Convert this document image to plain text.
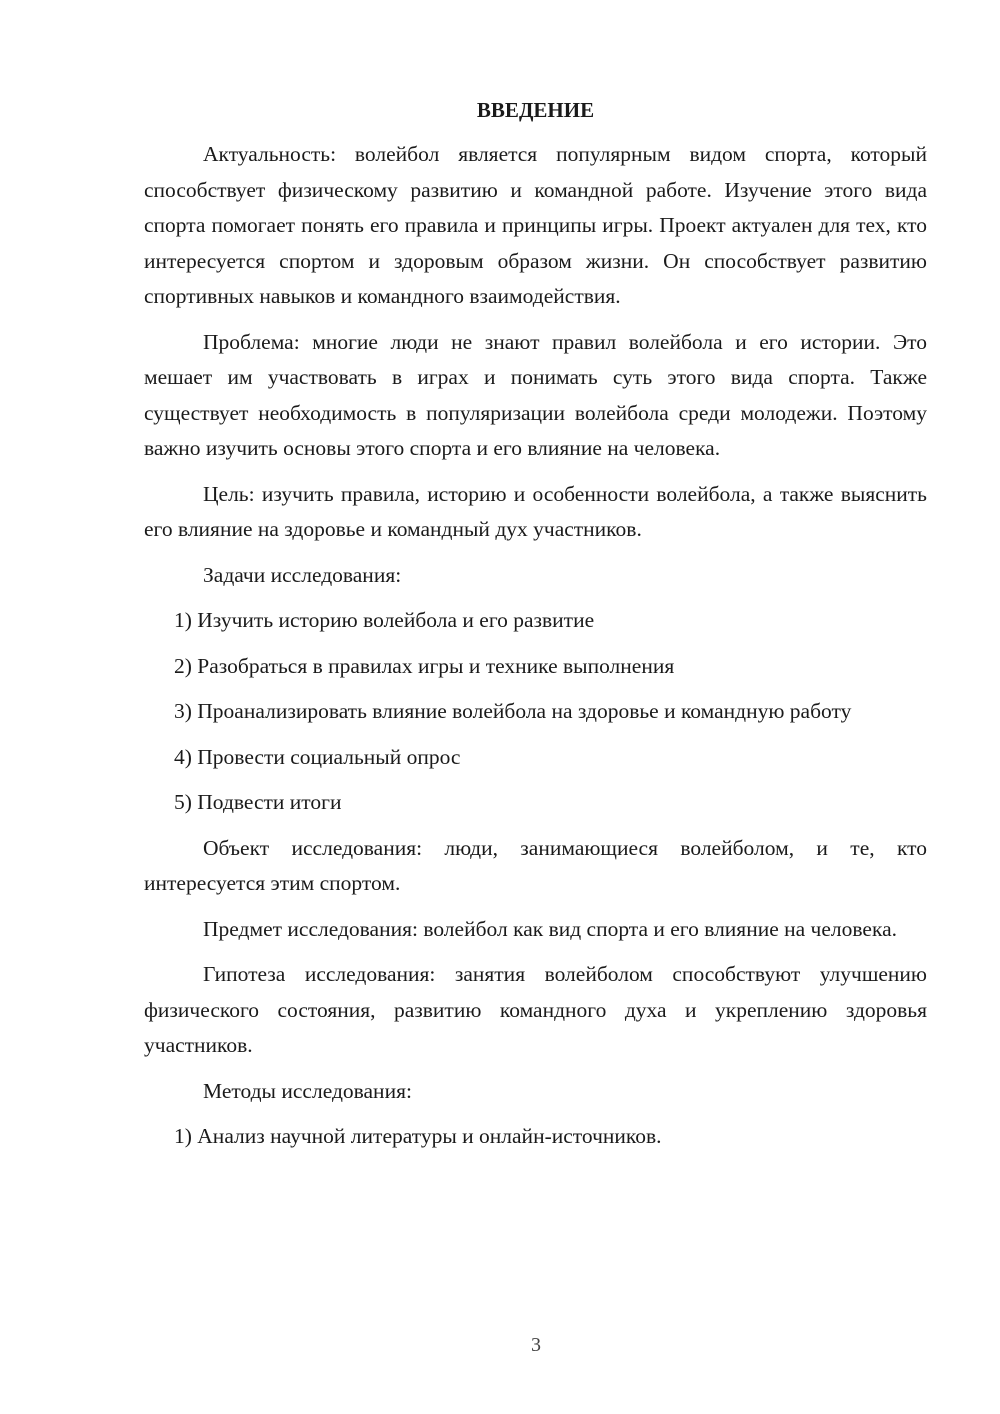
ВВЕДЕНИЕ

Актуальность: волейбол является популярным видом спорта, который способствует физическому развитию и командной работе. Изучение этого вида спорта помогает понять его правила и принципы игры. Проект актуален для тех, кто интересуется спортом и здоровым образом жизни. Он способствует развитию спортивных навыков и командного взаимодействия.

Проблема: многие люди не знают правил волейбола и его истории. Это мешает им участвовать в играх и понимать суть этого вида спорта. Также существует необходимость в популяризации волейбола среди молодежи. Поэтому важно изучить основы этого спорта и его влияние на человека.

Цель: изучить правила, историю и особенности волейбола, а также выяснить его влияние на здоровье и командный дух участников.

Задачи исследования:

1) Изучить историю волейбола и его развитие

2) Разобраться в правилах игры и технике выполнения

3) Проанализировать влияние волейбола на здоровье и командную работу

4) Провести социальный опрос

5) Подвести итоги

Объект исследования: люди, занимающиеся волейболом, и те, кто интересуется этим спортом.

Предмет исследования: волейбол как вид спорта и его влияние на человека.

Гипотеза исследования: занятия волейболом способствуют улучшению физического состояния, развитию командного духа и укреплению здоровья участников.

Методы исследования:

1) Анализ научной литературы и онлайн-источников.

3
